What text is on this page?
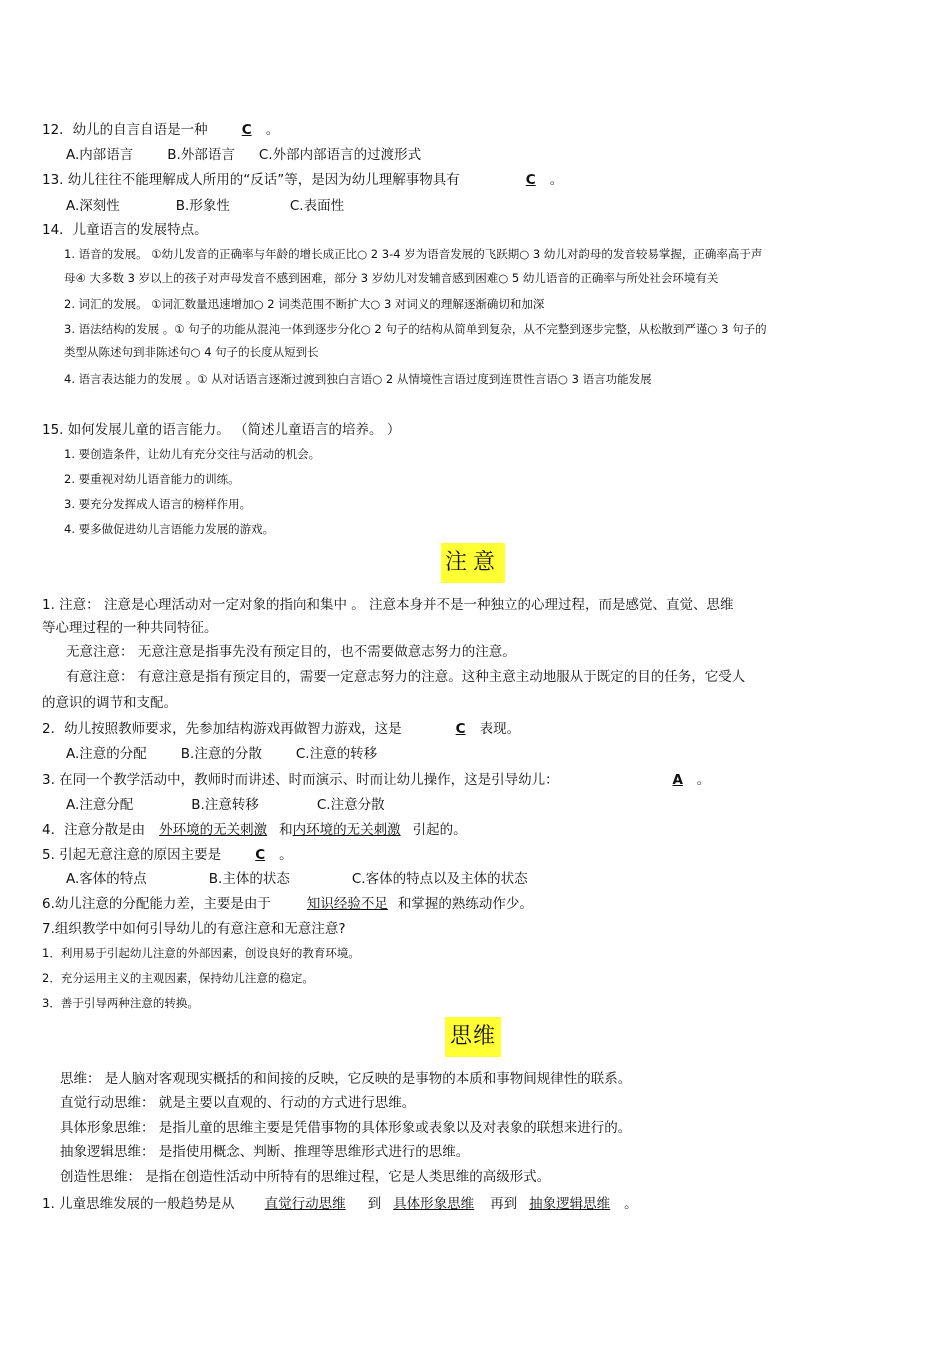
12．幼儿的自言自语是一种	C 。
A.内部语言	B.外部语言 C.外部内部语言的过渡形式
13. 幼儿往往不能理解成人所用的“反话”等，是因为幼儿理解事物具有	C 。
A.深刻性	B.形象性	C.表面性
14．儿童语言的发展特点。
1. 语音的发展。 ①幼儿发音的正确率与年龄的增长成正比○ 2 3-4 岁为语音发展的飞跃期○ 3 幼儿对韵母的发音较易掌握，正确率高于声
母④ 大多数 3 岁以上的孩子对声母发音不感到困难，部分 3 岁幼儿对发辅音感到困难○ 5 幼儿语音的正确率与所处社会环境有关
2. 词汇的发展。 ①词汇数量迅速增加○ 2 词类范围不断扩大○ 3 对词义的理解逐渐确切和加深
3. 语法结构的发展 。① 句子的功能从混沌一体到逐步分化○ 2 句子的结构从简单到复杂，从不完整到逐步完整，从松散到严谨○ 3 句子的
类型从陈述句到非陈述句○ 4 句子的长度从短到长
4. 语言表达能力的发展 。① 从对话语言逐渐过渡到独白言语○ 2 从情境性言语过度到连贯性言语○ 3 语言功能发展
15. 如何发展儿童的语言能力。 （简述儿童语言的培养。 ）
1. 要创造条件，让幼儿有充分交往与活动的机会。
2. 要重视对幼儿语音能力的训练。
3. 要充分发挥成人语言的榜样作用。
4. 要多做促进幼儿言语能力发展的游戏。
注意
1. 注意： 注意是心理活动对一定对象的指向和集中 。 注意本身并不是一种独立的心理过程，而是感觉、直觉、思维
等心理过程的一种共同特征。
无意注意： 无意注意是指事先没有预定目的，也不需要做意志努力的注意。
有意注意： 有意注意是指有预定目的，需要一定意志努力的注意。这种主意主动地服从于既定的目的任务，它受人
的意识的调节和支配。
2．幼儿按照教师要求，先参加结构游戏再做智力游戏，这是	C 表现。
A.注意的分配	B.注意的分散	C.注意的转移
3. 在同一个教学活动中，教师时而讲述、时而演示、时而让幼儿操作，这是引导幼儿：	A 。
A.注意分配	B.注意转移	C.注意分散
4．注意分散是由 外环境的无关刺激 和内环境的无关刺激 引起的。
5. 引起无意注意的原因主要是	C 。
A.客体的特点	B.主体的状态	C.客体的特点以及主体的状态
6.幼儿注意的分配能力差，主要是由于	知识经验不足 和掌握的熟练动作少。
7.组织教学中如何引导幼儿的有意注意和无意注意?
1．利用易于引起幼儿注意的外部因素，创设良好的教育环境。
2．充分运用主义的主观因素，保持幼儿注意的稳定。
3．善于引导两种注意的转换。
思维
思维： 是人脑对客观现实概括的和间接的反映，它反映的是事物的本质和事物间规律性的联系。
直觉行动思维： 就是主要以直观的、行动的方式进行思维。
具体形象思维： 是指儿童的思维主要是凭借事物的具体形象或表象以及对表象的联想来进行的。
抽象逻辑思维： 是指使用概念、判断、推理等思维形式进行的思维。
创造性思维： 是指在创造性活动中所特有的思维过程，它是人类思维的高级形式。
1. 儿童思维发展的一般趋势是从 直觉行动思维 到 具体形象思维 再到 抽象逻辑思维 。
